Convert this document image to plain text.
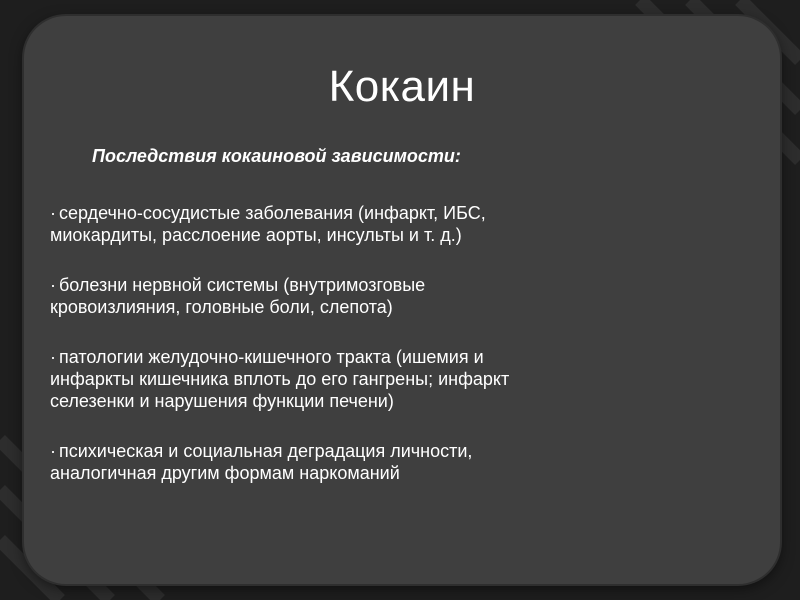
Кокаин

Последствия кокаиновой зависимости:

· сердечно-сосудистые заболевания (инфаркт, ИБС,
миокардиты, расслоение аорты, инсульты и т. д.)
· болезни нервной системы (внутримозговые
кровоизлияния, головные боли, слепота)
· патологии желудочно-кишечного тракта (ишемия и
инфаркты кишечника вплоть до его гангрены; инфаркт
селезенки и нарушения функции печени)
· психическая и социальная деградация личности,
аналогичная другим формам наркоманий
